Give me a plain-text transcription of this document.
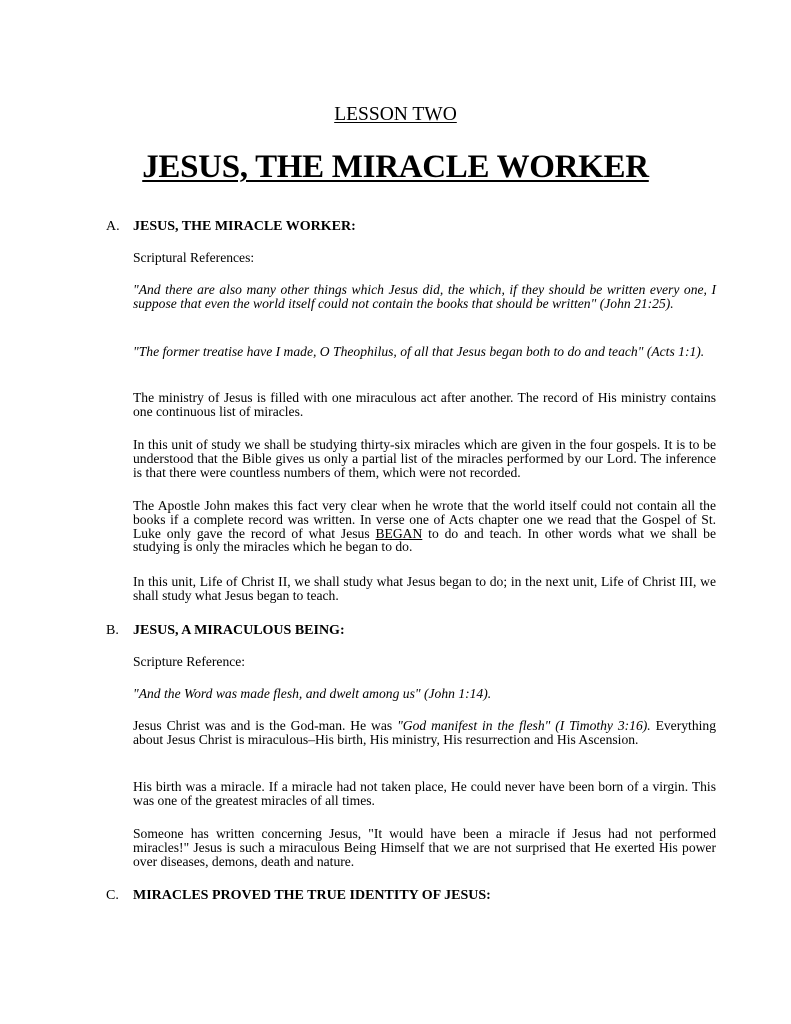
LESSON TWO
JESUS, THE MIRACLE WORKER
A. JESUS, THE MIRACLE WORKER:
Scriptural References:
"And there are also many other things which Jesus did, the which, if they should be written every one, I suppose that even the world itself could not contain the books that should be written" (John 21:25).
"The former treatise have I made, O Theophilus, of all that Jesus began both to do and teach" (Acts 1:1).
The ministry of Jesus is filled with one miraculous act after another. The record of His ministry contains one continuous list of miracles.
In this unit of study we shall be studying thirty-six miracles which are given in the four gospels. It is to be understood that the Bible gives us only a partial list of the miracles performed by our Lord. The inference is that there were countless numbers of them, which were not recorded.
The Apostle John makes this fact very clear when he wrote that the world itself could not contain all the books if a complete record was written. In verse one of Acts chapter one we read that the Gospel of St. Luke only gave the record of what Jesus BEGAN to do and teach. In other words what we shall be studying is only the miracles which he began to do.
In this unit, Life of Christ II, we shall study what Jesus began to do; in the next unit, Life of Christ III, we shall study what Jesus began to teach.
B. JESUS, A MIRACULOUS BEING:
Scripture Reference:
"And the Word was made flesh, and dwelt among us" (John 1:14).
Jesus Christ was and is the God-man. He was "God manifest in the flesh" (I Timothy 3:16). Everything about Jesus Christ is miraculous–His birth, His ministry, His resurrection and His Ascension.
His birth was a miracle. If a miracle had not taken place, He could never have been born of a virgin. This was one of the greatest miracles of all times.
Someone has written concerning Jesus, "It would have been a miracle if Jesus had not performed miracles!" Jesus is such a miraculous Being Himself that we are not surprised that He exerted His power over diseases, demons, death and nature.
C. MIRACLES PROVED THE TRUE IDENTITY OF JESUS:
